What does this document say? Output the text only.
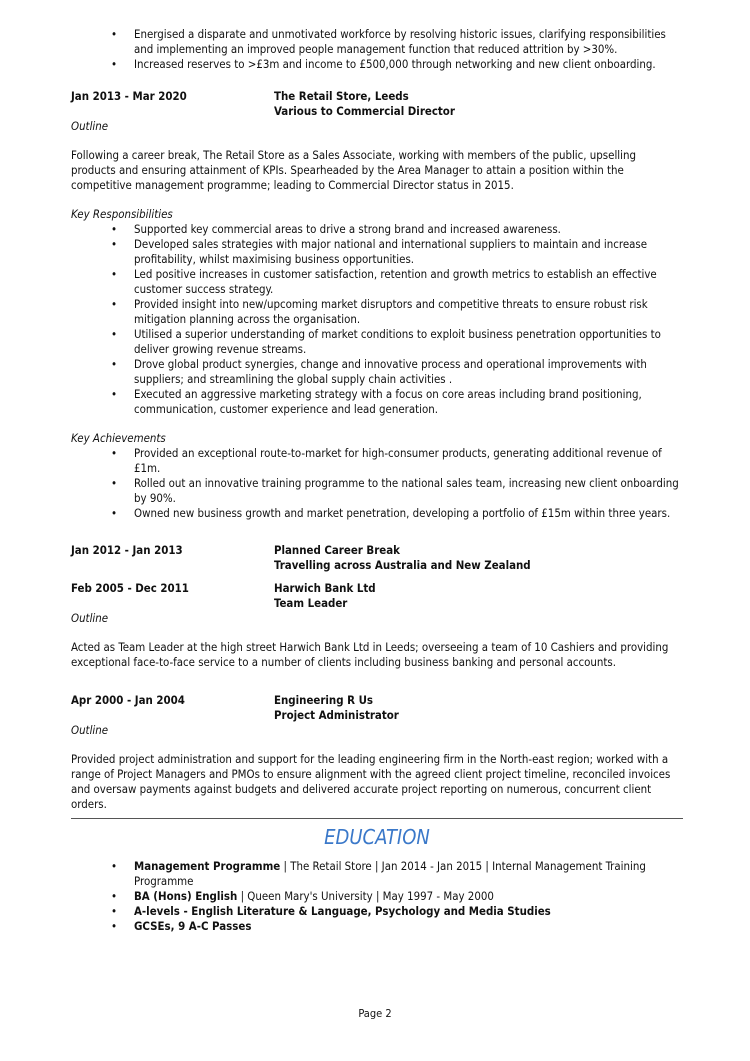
• Energised a disparate and unmotivated workforce by resolving historic issues, clarifying responsibilities and implementing an improved people management function that reduced attrition by >30%.
• Increased reserves to >£3m and income to £500,000 through networking and new client onboarding.
Jan 2013 - Mar 2020	The Retail Store, Leeds
Various to Commercial Director
Outline

Following a career break, The Retail Store as a Sales Associate, working with members of the public, upselling products and ensuring attainment of KPIs. Spearheaded by the Area Manager to attain a position within the competitive management programme; leading to Commercial Director status in 2015.

Key Responsibilities
• Supported key commercial areas to drive a strong brand and increased awareness.
• Developed sales strategies with major national and international suppliers to maintain and increase profitability, whilst maximising business opportunities.
• Led positive increases in customer satisfaction, retention and growth metrics to establish an effective customer success strategy.
• Provided insight into new/upcoming market disruptors and competitive threats to ensure robust risk mitigation planning across the organisation.
• Utilised a superior understanding of market conditions to exploit business penetration opportunities to deliver growing revenue streams.
• Drove global product synergies, change and innovative process and operational improvements with suppliers; and streamlining the global supply chain activities .
• Executed an aggressive marketing strategy with a focus on core areas including brand positioning, communication, customer experience and lead generation.
Key Achievements
• Provided an exceptional route-to-market for high-consumer products, generating additional revenue of £1m.
• Rolled out an innovative training programme to the national sales team, increasing new client onboarding by 90%.
• Owned new business growth and market penetration, developing a portfolio of £15m within three years.
Jan 2012 - Jan 2013	Planned Career Break
Travelling across Australia and New Zealand
Feb 2005 - Dec 2011	Harwich Bank Ltd
Team Leader
Outline

Acted as Team Leader at the high street Harwich Bank Ltd in Leeds; overseeing a team of 10 Cashiers and providing exceptional face-to-face service to a number of clients including business banking and personal accounts.

Apr 2000 - Jan 2004	Engineering R Us
Project Administrator
Outline

Provided project administration and support for the leading engineering firm in the North-east region; worked with a range of Project Managers and PMOs to ensure alignment with the agreed client project timeline, reconciled invoices and oversaw payments against budgets and delivered accurate project reporting on numerous, concurrent client orders.

EDUCATION
• Management Programme | The Retail Store | Jan 2014 - Jan 2015 | Internal Management Training Programme
• BA (Hons) English | Queen Mary's University | May 1997 - May 2000
• A-levels - English Literature & Language, Psychology and Media Studies
• GCSEs, 9 A-C Passes
Page 2
